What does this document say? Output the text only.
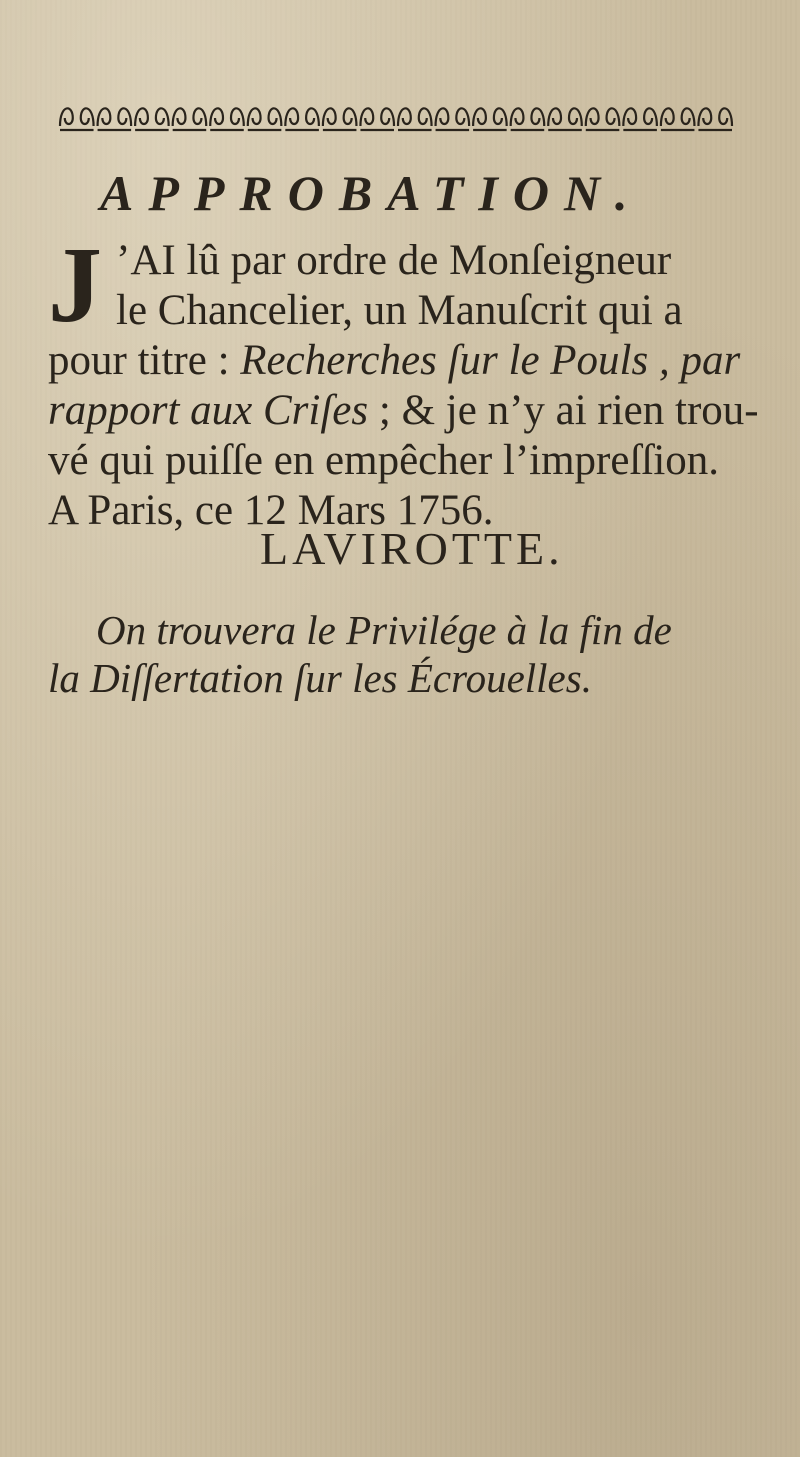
APPROBATION.
J ’AI lû par ordre de Monſeigneur
le Chancelier, un Manuſcrit qui a
pour titre : Recherches ſur le Pouls , par
rapport aux Criſes ; & je n’y ai rien trou-
vé qui puiſſe en empêcher l’impreſſion.
A Paris, ce 12 Mars 1756.
LAVIROTTE.
On trouvera le Privilége à la fin de
la Diſſertation ſur les Écrouelles.
